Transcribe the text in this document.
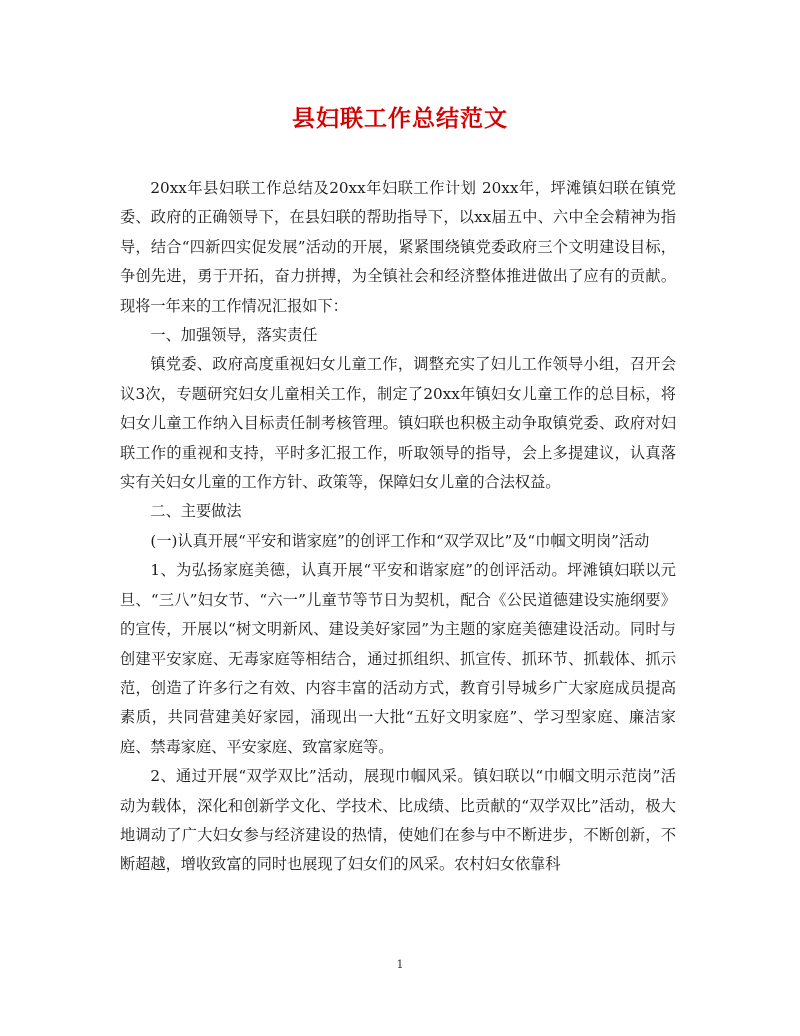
县妇联工作总结范文

20xx年县妇联工作总结及20xx年妇联工作计划 20xx年，坪滩镇妇联在镇党委、政府的正确领导下，在县妇联的帮助指导下，以xx届五中、六中全会精神为指导，结合“四新四实促发展”活动的开展，紧紧围绕镇党委政府三个文明建设目标，争创先进，勇于开拓，奋力拼搏，为全镇社会和经济整体推进做出了应有的贡献。现将一年来的工作情况汇报如下：

一、加强领导，落实责任

镇党委、政府高度重视妇女儿童工作，调整充实了妇儿工作领导小组，召开会议3次，专题研究妇女儿童相关工作，制定了20xx年镇妇女儿童工作的总目标，将妇女儿童工作纳入目标责任制考核管理。镇妇联也积极主动争取镇党委、政府对妇联工作的重视和支持，平时多汇报工作，听取领导的指导，会上多提建议，认真落实有关妇女儿童的工作方针、政策等，保障妇女儿童的合法权益。

二、主要做法

(一)认真开展“平安和谐家庭”的创评工作和“双学双比”及“巾帼文明岗”活动

1、为弘扬家庭美德，认真开展“平安和谐家庭”的创评活动。坪滩镇妇联以元旦、“三八”妇女节、“六一”儿童节等节日为契机，配合《公民道德建设实施纲要》的宣传，开展以“树文明新风、建设美好家园”为主题的家庭美德建设活动。同时与创建平安家庭、无毒家庭等相结合，通过抓组织、抓宣传、抓环节、抓载体、抓示范，创造了许多行之有效、内容丰富的活动方式，教育引导城乡广大家庭成员提高素质，共同营建美好家园，涌现出一大批“五好文明家庭”、学习型家庭、廉洁家庭、禁毒家庭、平安家庭、致富家庭等。

2、通过开展“双学双比”活动，展现巾帼风采。镇妇联以“巾帼文明示范岗”活动为载体，深化和创新学文化、学技术、比成绩、比贡献的“双学双比”活动，极大地调动了广大妇女参与经济建设的热情，使她们在参与中不断进步，不断创新，不断超越，增收致富的同时也展现了妇女们的风采。农村妇女依靠科

1
